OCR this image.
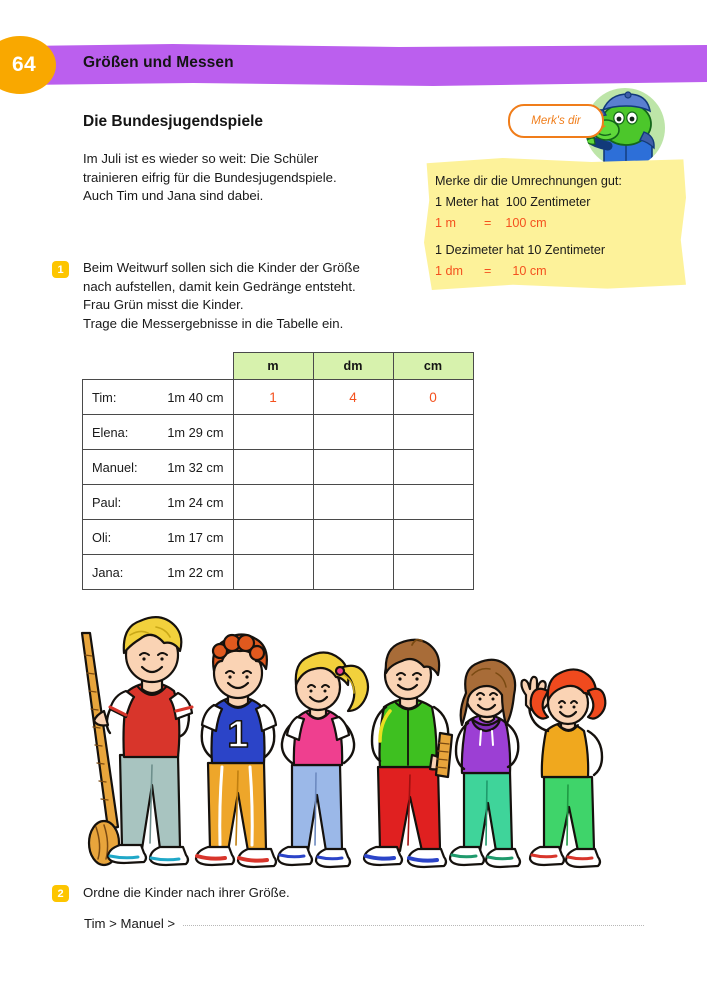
64	Größen und Messen
Die Bundesjugendspiele
Im Juli ist es wieder so weit: Die Schüler
trainieren eifrig für die Bundesjugendspiele.
Auch Tim und Jana sind dabei.
Merk's dir
Merke dir die Umrechnungen gut:
1 Meter hat  100 Zentimeter
1 m        =    100 cm
1 Dezimeter hat 10 Zentimeter
1 dm      =      10 cm
1	Beim Weitwurf sollen sich die Kinder der Größe
nach aufstellen, damit kein Gedränge entsteht.
Frau Grün misst die Kinder.
Trage die Messergebnisse in die Tabelle ein.
	m	dm	cm

Tim: 1m 40 cm	1	4	0

Elena: 1m 29 cm			

Manuel: 1m 32 cm			

Paul: 1m 24 cm			

Oli: 1m 17 cm			

Jana: 1m 22 cm			

1
2	Ordne die Kinder nach ihrer Größe.
Tim > Manuel >
